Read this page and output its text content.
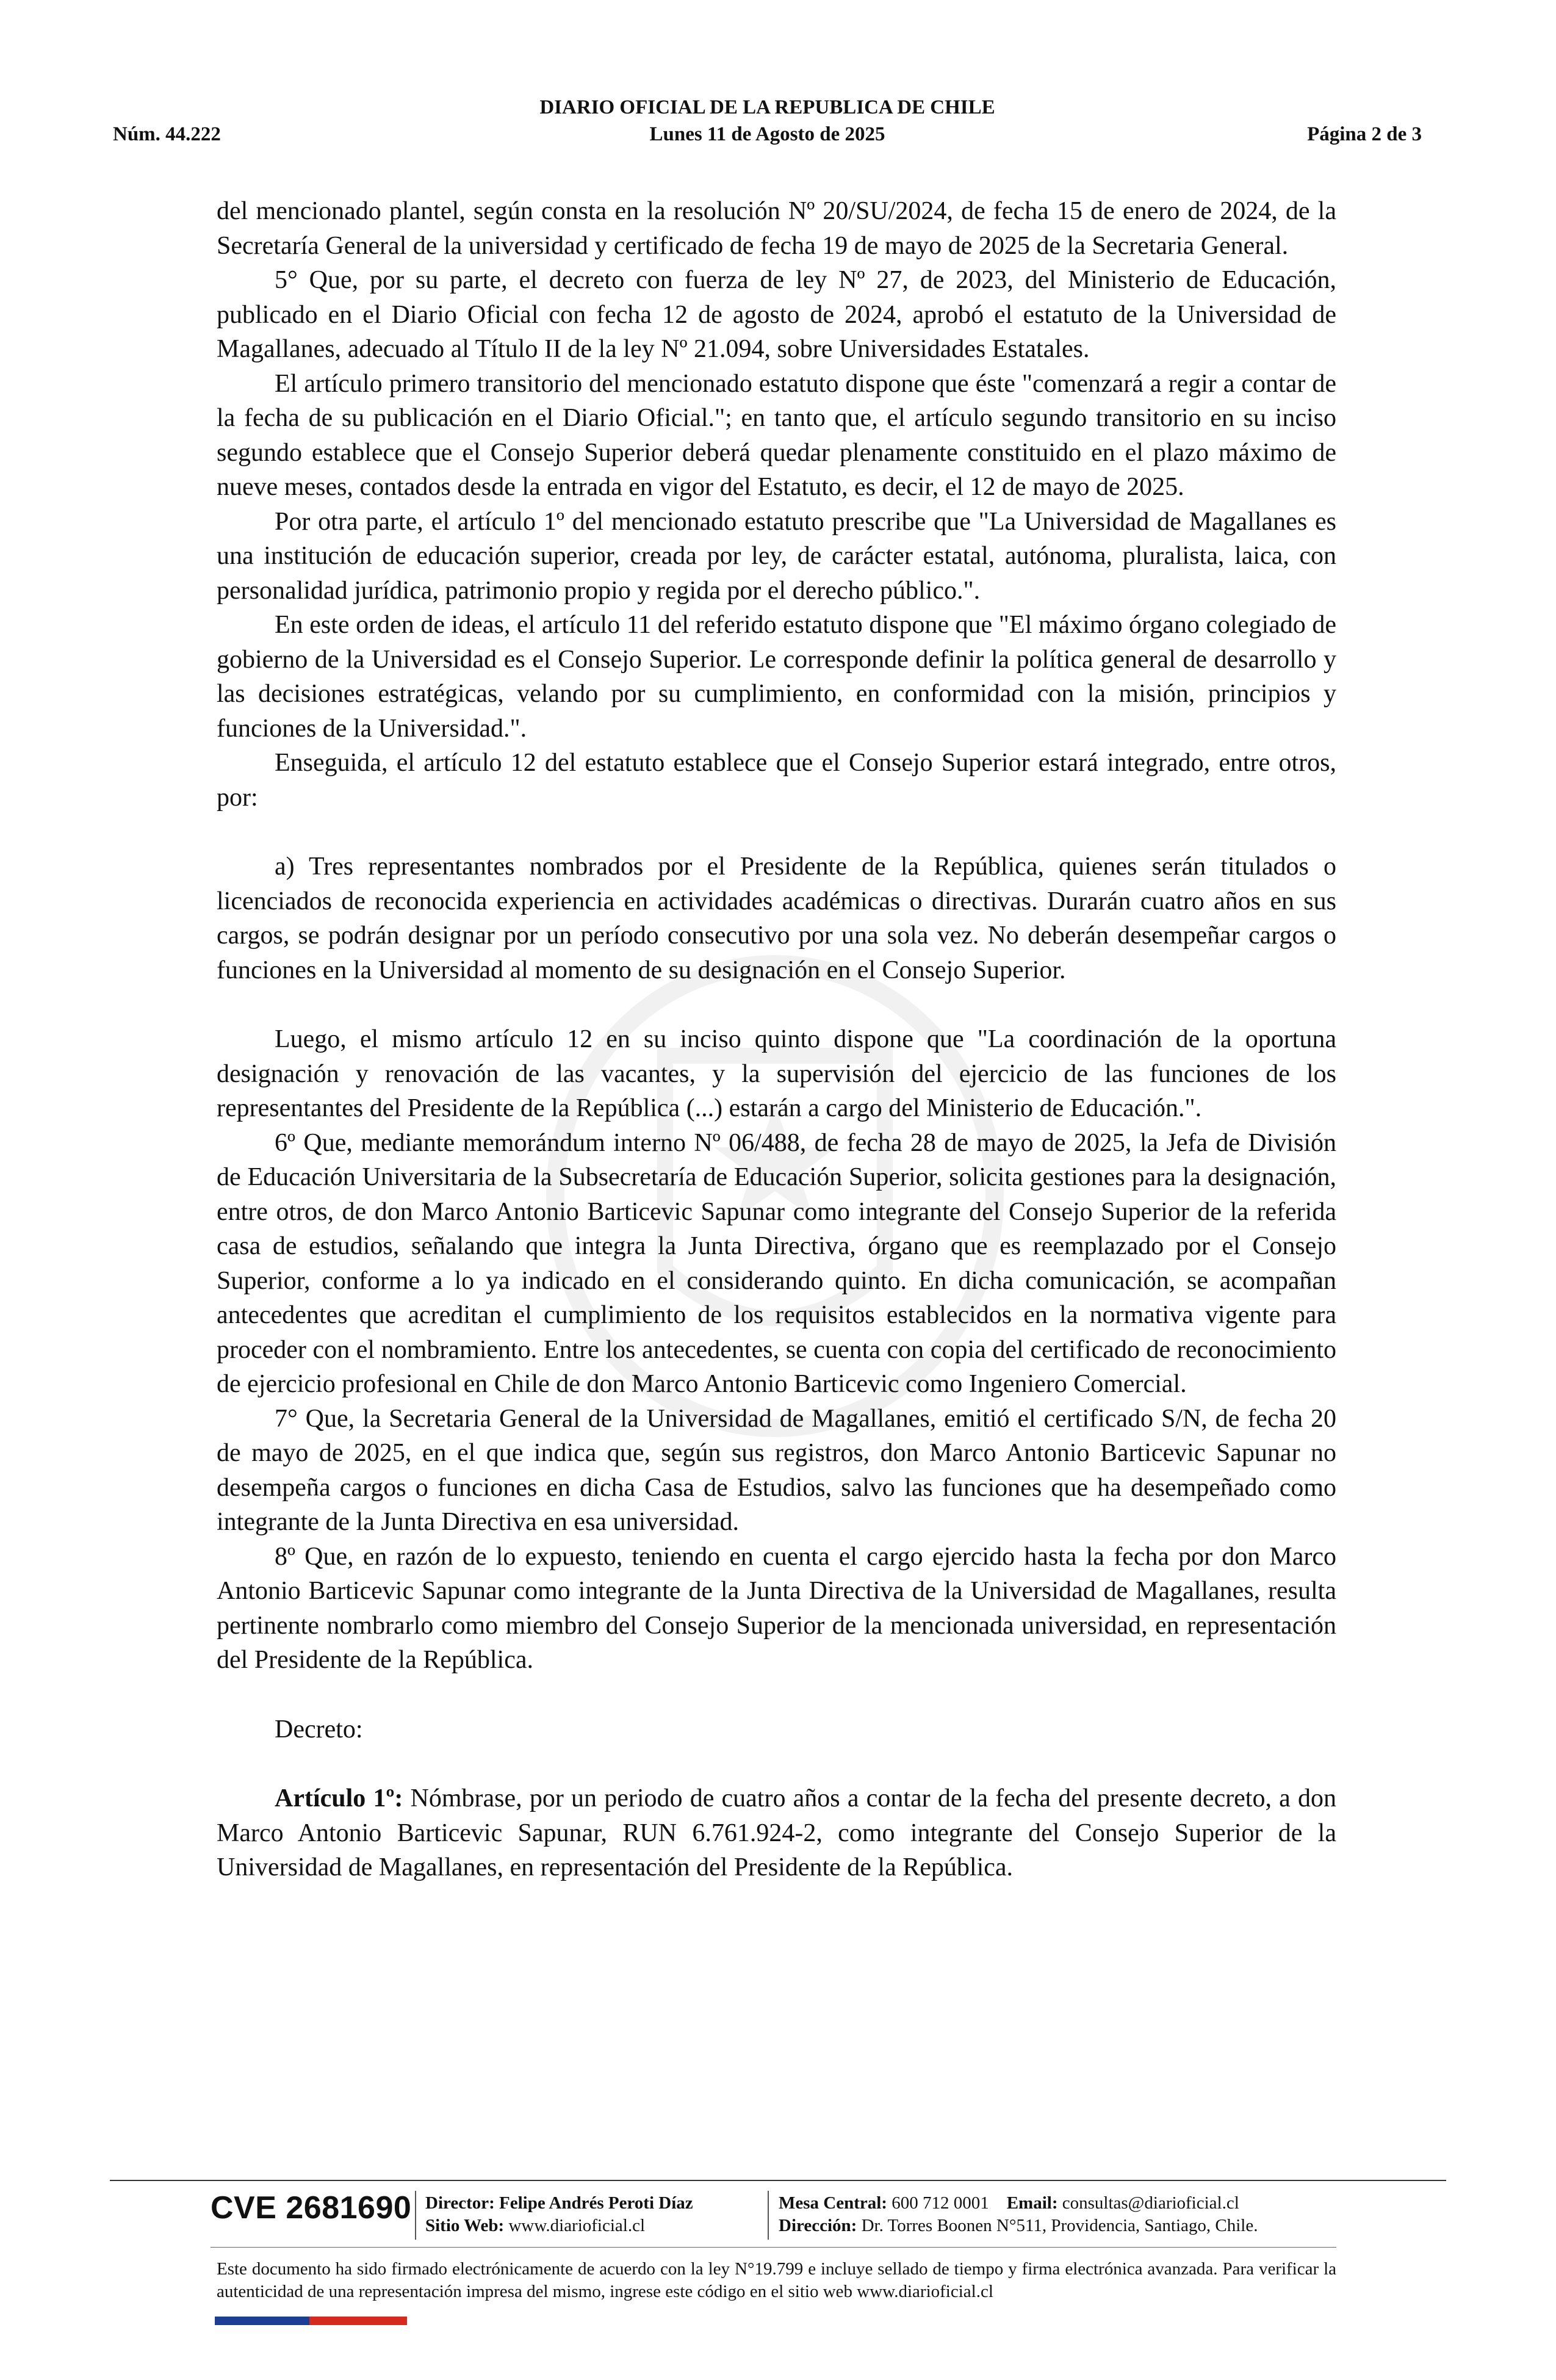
DIARIO OFICIAL DE LA REPUBLICA DE CHILE
Núm. 44.222	Lunes 11 de Agosto de 2025	Página 2 de 3

del mencionado plantel, según consta en la resolución Nº 20/SU/2024, de fecha 15 de enero de 2024, de la Secretaría General de la universidad y certificado de fecha 19 de mayo de 2025 de la Secretaria General.

5° Que, por su parte, el decreto con fuerza de ley Nº 27, de 2023, del Ministerio de Educación, publicado en el Diario Oficial con fecha 12 de agosto de 2024, aprobó el estatuto de la Universidad de Magallanes, adecuado al Título II de la ley Nº 21.094, sobre Universidades Estatales.

El artículo primero transitorio del mencionado estatuto dispone que éste "comenzará a regir a contar de la fecha de su publicación en el Diario Oficial."; en tanto que, el artículo segundo transitorio en su inciso segundo establece que el Consejo Superior deberá quedar plenamente constituido en el plazo máximo de nueve meses, contados desde la entrada en vigor del Estatuto, es decir, el 12 de mayo de 2025.

Por otra parte, el artículo 1º del mencionado estatuto prescribe que "La Universidad de Magallanes es una institución de educación superior, creada por ley, de carácter estatal, autónoma, pluralista, laica, con personalidad jurídica, patrimonio propio y regida por el derecho público.".

En este orden de ideas, el artículo 11 del referido estatuto dispone que "El máximo órgano colegiado de gobierno de la Universidad es el Consejo Superior. Le corresponde definir la política general de desarrollo y las decisiones estratégicas, velando por su cumplimiento, en conformidad con la misión, principios y funciones de la Universidad.".

Enseguida, el artículo 12 del estatuto establece que el Consejo Superior estará integrado, entre otros, por:

a) Tres representantes nombrados por el Presidente de la República, quienes serán titulados o licenciados de reconocida experiencia en actividades académicas o directivas. Durarán cuatro años en sus cargos, se podrán designar por un período consecutivo por una sola vez. No deberán desempeñar cargos o funciones en la Universidad al momento de su designación en el Consejo Superior.

Luego, el mismo artículo 12 en su inciso quinto dispone que "La coordinación de la oportuna designación y renovación de las vacantes, y la supervisión del ejercicio de las funciones de los representantes del Presidente de la República (...) estarán a cargo del Ministerio de Educación.".

6º Que, mediante memorándum interno Nº 06/488, de fecha 28 de mayo de 2025, la Jefa de División de Educación Universitaria de la Subsecretaría de Educación Superior, solicita gestiones para la designación, entre otros, de don Marco Antonio Barticevic Sapunar como integrante del Consejo Superior de la referida casa de estudios, señalando que integra la Junta Directiva, órgano que es reemplazado por el Consejo Superior, conforme a lo ya indicado en el considerando quinto. En dicha comunicación, se acompañan antecedentes que acreditan el cumplimiento de los requisitos establecidos en la normativa vigente para proceder con el nombramiento. Entre los antecedentes, se cuenta con copia del certificado de reconocimiento de ejercicio profesional en Chile de don Marco Antonio Barticevic como Ingeniero Comercial.

7° Que, la Secretaria General de la Universidad de Magallanes, emitió el certificado S/N, de fecha 20 de mayo de 2025, en el que indica que, según sus registros, don Marco Antonio Barticevic Sapunar no desempeña cargos o funciones en dicha Casa de Estudios, salvo las funciones que ha desempeñado como integrante de la Junta Directiva en esa universidad.

8º Que, en razón de lo expuesto, teniendo en cuenta el cargo ejercido hasta la fecha por don Marco Antonio Barticevic Sapunar como integrante de la Junta Directiva de la Universidad de Magallanes, resulta pertinente nombrarlo como miembro del Consejo Superior de la mencionada universidad, en representación del Presidente de la República.

Decreto:

Artículo 1º: Nómbrase, por un periodo de cuatro años a contar de la fecha del presente decreto, a don Marco Antonio Barticevic Sapunar, RUN 6.761.924-2, como integrante del Consejo Superior de la Universidad de Magallanes, en representación del Presidente de la República.

CVE 2681690 Director: Felipe Andrés Peroti Díaz
Sitio Web: www.diarioficial.cl
Mesa Central: 600 712 0001 Email: consultas@diarioficial.cl
Dirección: Dr. Torres Boonen N°511, Providencia, Santiago, Chile.
Este documento ha sido firmado electrónicamente de acuerdo con la ley N°19.799 e incluye sellado de tiempo y firma electrónica avanzada. Para verificar la autenticidad de una representación impresa del mismo, ingrese este código en el sitio web www.diarioficial.cl
